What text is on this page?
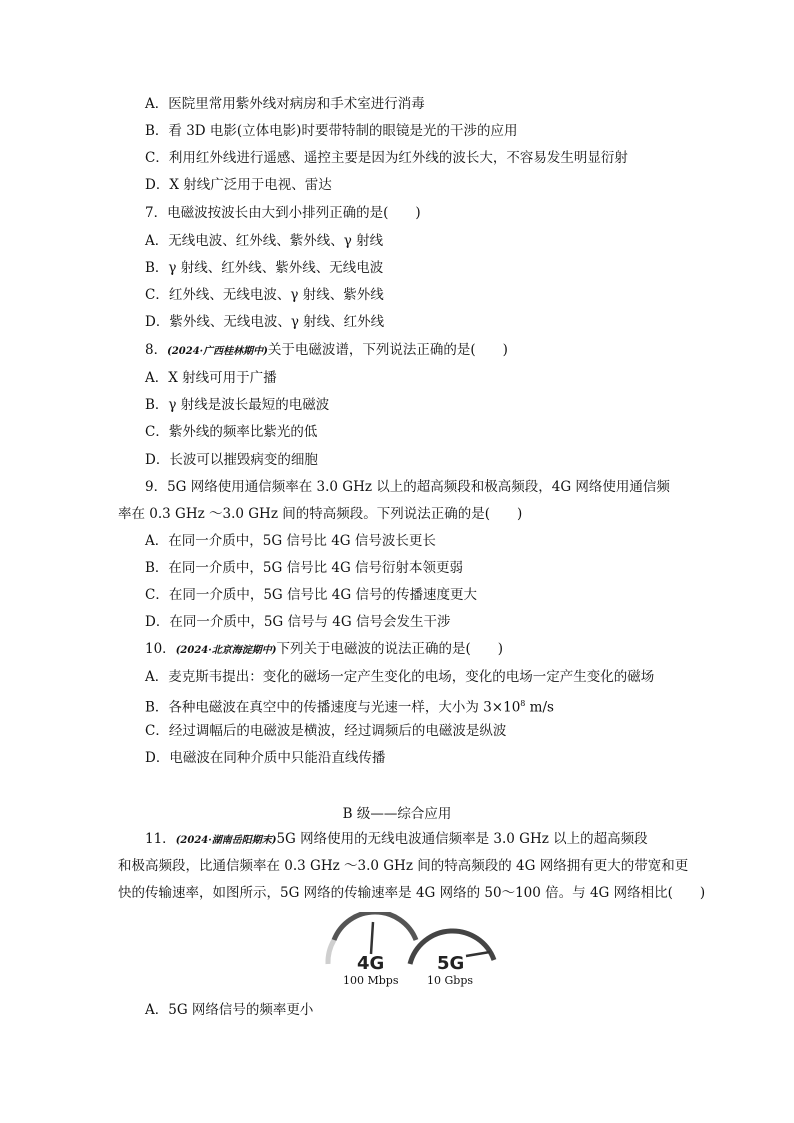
A．医院里常用紫外线对病房和手术室进行消毒
B．看 3D 电影(立体电影)时要带特制的眼镜是光的干涉的应用
C．利用红外线进行遥感、遥控主要是因为红外线的波长大，不容易发生明显衍射
D．X 射线广泛用于电视、雷达
7．电磁波按波长由大到小排列正确的是(　　)
A．无线电波、红外线、紫外线、γ 射线
B．γ 射线、红外线、紫外线、无线电波
C．红外线、无线电波、γ 射线、紫外线
D．紫外线、无线电波、γ 射线、红外线
8．(2024·广西桂林期中)关于电磁波谱，下列说法正确的是(　　)
A．X 射线可用于广播
B．γ 射线是波长最短的电磁波
C．紫外线的频率比紫光的低
D．长波可以摧毁病变的细胞
9．5G 网络使用通信频率在 3.0 GHz 以上的超高频段和极高频段，4G 网络使用通信频
率在 0.3 GHz ～3.0 GHz 间的特高频段。下列说法正确的是(　　)
A．在同一介质中，5G 信号比 4G 信号波长更长
B．在同一介质中，5G 信号比 4G 信号衍射本领更弱
C．在同一介质中，5G 信号比 4G 信号的传播速度更大
D．在同一介质中，5G 信号与 4G 信号会发生干涉
10．(2024·北京海淀期中)下列关于电磁波的说法正确的是(　　)
A．麦克斯韦提出：变化的磁场一定产生变化的电场，变化的电场一定产生变化的磁场
B．各种电磁波在真空中的传播速度与光速一样，大小为 $3\times 10^8$ m/s
C．经过调幅后的电磁波是横波，经过调频后的电磁波是纵波
D．电磁波在同种介质中只能沿直线传播
B 级——综合应用
11．(2024·湖南岳阳期末)5G 网络使用的无线电波通信频率是 3.0 GHz 以上的超高频段
和极高频段，比通信频率在 0.3 GHz ～3.0 GHz 间的特高频段的 4G 网络拥有更大的带宽和更
快的传输速率，如图所示，5G 网络的传输速率是 4G 网络的 50～100 倍。与 4G 网络相比(　　)
4G	5G
100 Mbps	10 Gbps
A．5G 网络信号的频率更小
